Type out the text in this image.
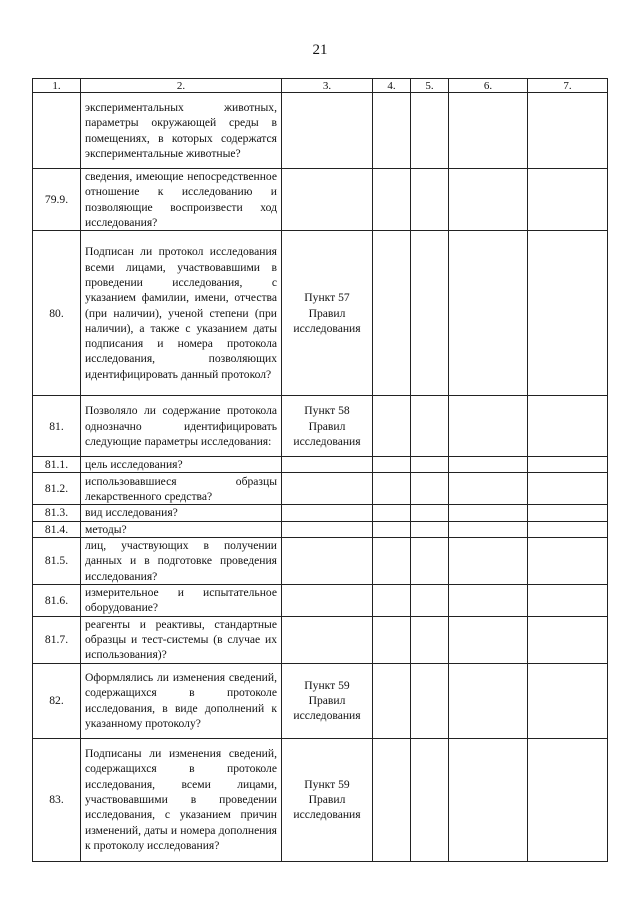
21
1.	2.	3.	4.	5.	6.	7.
	экспериментальных животных, параметры окружающей среды в помещениях, в которых содержатся экспериментальные животные?					
79.9.	сведения, имеющие непосредственное отношение к исследованию и позволяющие воспроизвести ход исследования?					
80.	Подписан ли протокол исследования всеми лицами, участвовавшими в проведении исследования, с указанием фамилии, имени, отчества (при наличии), ученой степени (при наличии), а также с указанием даты подписания и номера протокола исследования, позволяющих идентифицировать данный протокол?	Пункт 57 Правил исследования				
81.	Позволяло ли содержание протокола однозначно идентифицировать следующие параметры исследования:	Пункт 58 Правил исследования				
81.1.	цель исследования?					
81.2.	использовавшиеся образцы лекарственного средства?					
81.3.	вид исследования?					
81.4.	методы?					
81.5.	лиц, участвующих в получении данных и в подготовке проведения исследования?					
81.6.	измерительное и испытательное оборудование?					
81.7.	реагенты и реактивы, стандартные образцы и тест-системы (в случае их использования)?					
82.	Оформлялись ли изменения сведений, содержащихся в протоколе исследования, в виде дополнений к указанному протоколу?	Пункт 59 Правил исследования				
83.	Подписаны ли изменения сведений, содержащихся в протоколе исследования, всеми лицами, участвовавшими в проведении исследования, с указанием причин изменений, даты и номера дополнения к протоколу исследования?	Пункт 59 Правил исследования				
